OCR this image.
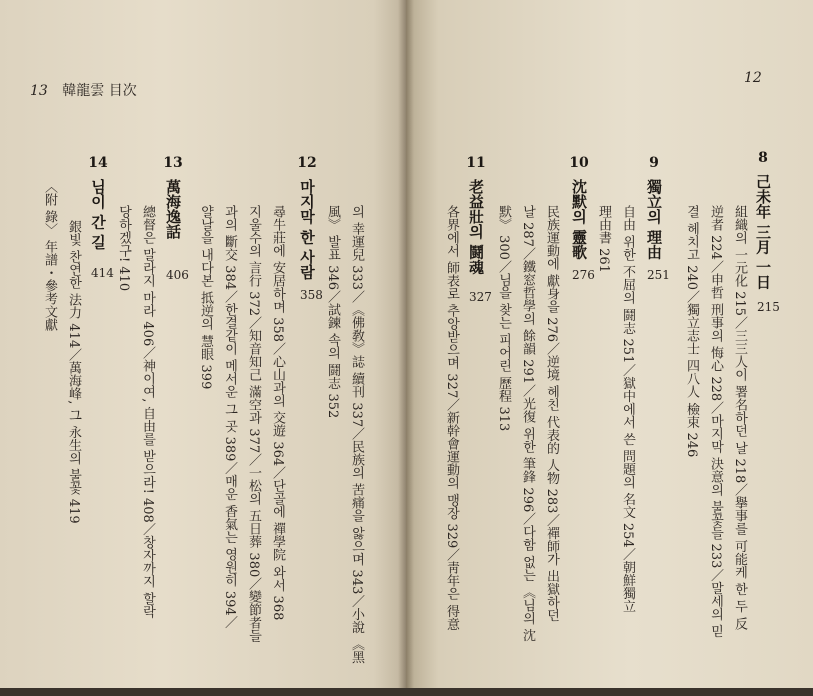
13 韓龍雲 目次
12
마지막 한 사람
358 의 幸運兒 333／《佛敎》誌 續刊 337／民族의 苦痛을 앓으며 343／小說 《黑
風》 발표 346／試鍊 속의 鬪志 352
13
萬海逸話
406	尋牛莊에 安居하며 358／心山과의 交遊 364／단골에 禪學院 와서 368
지울수의 言行 372／知音知己 滿空과 377／一松의 五日葬 380／變節者들
과의 斷交 384／한결같이 메서운 그 곳 389／매운 香氣는 영원히 394／
얄날을 내다본 抵逆의 慧眼 399
14
님이 간 길
414 總督은 말라지 마라 406／神이여, 自由를 받으라! 408／창자까지 할락
당하겠구! 410
〈附 錄〉 年譜・參考文獻 銀빛 찬연한 法力 414／萬海峰, 그 永生의 불꽃 419
12
8
己未年 三月 一日
215
組織의 一元化 215／三三人이 署名하던 날 218／擧事를 可能케 한 두 反
逆者 224／申哲 刑事의 悔心 228／마지막 決意의 불꽃들 233／말세의 믿
결 헤치고 240／獨立志士 四八人 檢束 246
9
獨立의 理由
251
自由 위한 不屈의 鬪志 251／獄中에서 쓴 問題의 名文 254／朝鮮獨立
理由書 261
10
沈默의 靈歌
276
民族運動에 獻身을 276／逆境 헤친 代表的 人物 283／禪師가 出獄하던
날 287／鐵窓哲學의 餘韻 291／光復 위한 筆鋒 296／다함 없는 《님의 沈
默》 300／님을 찾는 피어린 歷程 313
11
老益壯의 鬪魂
327
各界에서 師表로 추앙받으며 327／新幹會運動의 맹장 329／靑年은 得意
